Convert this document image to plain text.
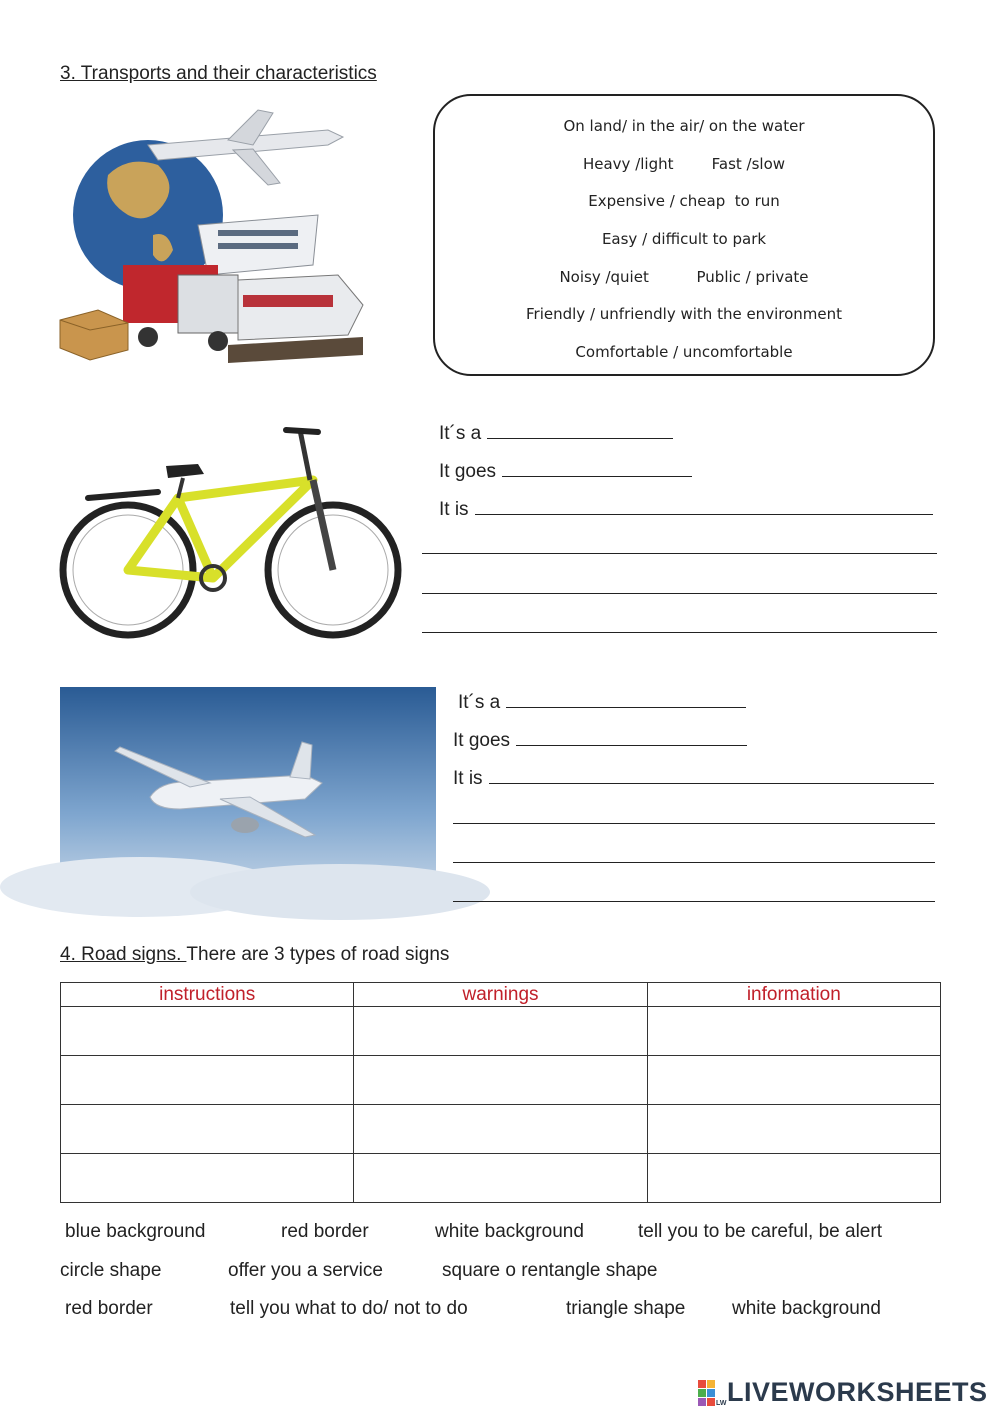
3. Transports and their characteristics
On land/ in the air/ on the water
Heavy /light        Fast /slow
Expensive / cheap  to run
Easy / difficult to park
Noisy /quiet          Public / private
Friendly / unfriendly with the environment
Comfortable / uncomfortable
It´s a
It goes
It is
It´s a
It goes
It is
4. Road signs. There are 3 types of road signs
instructions	warnings	information

blue background	red border	white background	tell you to be careful, be alert
circle shape	offer you a service	square o rentangle shape
red border	tell you what to do/ not to do	triangle shape white background
LW LIVEWORKSHEETS
